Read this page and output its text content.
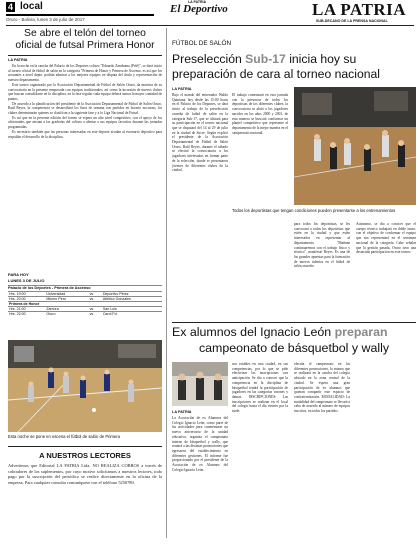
4 local
Oruro - Bolivia, lunes 3 de julio de 2017
LA PATRIA
El Deportivo	LA PATRIA
SUB-DECANO DE LA PRENSA NACIONAL
Se abre el telón del torneo
oficial de futsal Primera Honor
LA PATRIA

En la noche en la cancha del Palacio de los Deportes coliseo "Eduardo Zambrana (Pelé)", se dará inicio al torneo oficial de fútbol de salón en la categoría "Primera de Honor y Primera de Ascenso, es así que los actuantes a nivel depto. podrán admirar a los mejores equipos en disputa del título y representación de nuestro departamento.

Este torneo organizado por la Asociación Departamental de Fútbol de Salón Oruro, da muestra de su convocatoria en la presente temporada con equipos tradicionales, así como la incursión de nuevos clubes que buscan consolidarse en la disciplina, en la fase regular cada equipo deberá sumar la mayor cantidad de puntos.

De acuerdo a la planificación del presidente de la Asociación Departamental de Fútbol de Salón Oruro, Raúl Reyes, la competencia se desarrollará los fines de semana con partidos en horario nocturno, los clubes determinarán quienes se clasifican a la siguiente fase y a la Liga Nacional de Futsal.

Es así que en la presente edición del torneo se espera un alto nivel competitivo, con el apoyo de los aficionados que asistan a las graderías del coliseo a alentar a sus equipos favoritos durante las jornadas programadas.

Es necesario también que las personas interesadas en este deporte acudan al escenario deportivo para respaldar el desarrollo de la disciplina.

PARA HOY
LUNES 3 DE JULIO
Palacio de los Deportes - Primera de Ascenso
Hrs. 19:00	Universidad	vs.	Deportivo Pérez
Hrs. 20:00	Minero Pero	vs.	Atlético Gonzales
Primera de Honor			
Hrs. 21:00	Zamora	vs.	San Luis
Hrs. 22:00	Oruro	vs.	Carol Fd.
Esta noche se pone en escena el fútbol de salón de Primera
A NUESTROS LECTORES
Advertimos que Editorial LA PATRIA Ltda. NO REALIZA COBROS a través de cobradores de los suplementos, por cuyo motivo solicitamos a nuestros lectores, todo pago por la suscripción del periódico se realice directamente en la oficina de la empresa. Para cualquier consulta comuníquese con el teléfono 5250780.
FÚTBOL DE SALÓN
Preselección Sub-17 inicia hoy su
preparación de cara al torneo nacional
LA PATRIA
Bajo el mando del entrenador Waldo Quintana, hoy desde las 15:00 horas en el Palacio de los Deportes, se dará inicio al trabajo de la preselección orureña de futbol de salón en la categoría Sub-17, que se alistará para su participación en el torneo nacional que se disputará del 14 al 29 de julio en la ciudad de Sucre. Según explicó el presidente de la Asociación Departamental de Fútbol de Salón Oruro, Raúl Reyes, durante el sábado se efectuó la convocatoria a los jugadores interesados en formar parte de la selección, donde se presentaron jóvenes de diferentes clubes de la ciudad.
El trabajo comenzará en esta jornada con la presencia de todos los deportistas de los diferentes clubes, la convocatoria se abrió a los jugadores nacidos en los años 2000 y 2001, de esta manera se buscará conformar un plantel competitivo que represente al departamento de la mejor manera en el campeonato nacional.
Todos los deportistas que tengan condiciones pueden presentarse a los entrenamientos
para todos los deportistas, se les convocará a todos los deportistas que estén en la ciudad y que estén interesados en representar al departamento. "Mañana continuaremos con el trabajo físico y técnico", manifestó Reyes. Es una de las grandes apuestas para la formación de nuevos talentos en el fútbol de salón orureño.
Asimismo, se dio a conocer que el cuerpo técnico trabajará en doble turno, con el objetivo de conformar el equipo que nos representará en el certamen nacional de la categoría. Cabe señalar que la gestión pasada, Oruro tuvo una destacada participación en este torneo.
Ex alumnos del Ignacio León preparan
campeonato de básquetbol y wally
LA PATRIA
La Asociación de ex Alumnos del Colegio Ignacio León, como parte de las actividades para conmemorar un nuevo aniversario de la unidad educativa, organiza el campeonato interno de básquetbol y wally, que reunirá a las distintas promociones que egresaron del establecimiento en diferentes gestiones. El informe fue proporcionado por el presidente de la Asociación de ex Alumnos del Colegio Ignacio León.
son estables en otra ciudad, en sus competencias, por lo que se pide efectivizar las inscripciones con anticipación. Se dio a conocer que la competencia en la disciplina de básquetbol tendrá la participación de jugadores en las categorías varones y damas. INSCRIPCIONES: Las inscripciones se realizan en el local del colegio hasta el día viernes por la tarde.
efectúa el campeonato en las diferentes promociones, la misma que se realizará en la cancha del colegio ubicado en la zona central de la ciudad. Se espera una gran participación de ex alumnos que quieran compartir este espacio de confraternización. MODALIDAD: La modalidad del campeonato se llevará a cabo de acuerdo al número de equipos inscritos, en todos los partidos.
